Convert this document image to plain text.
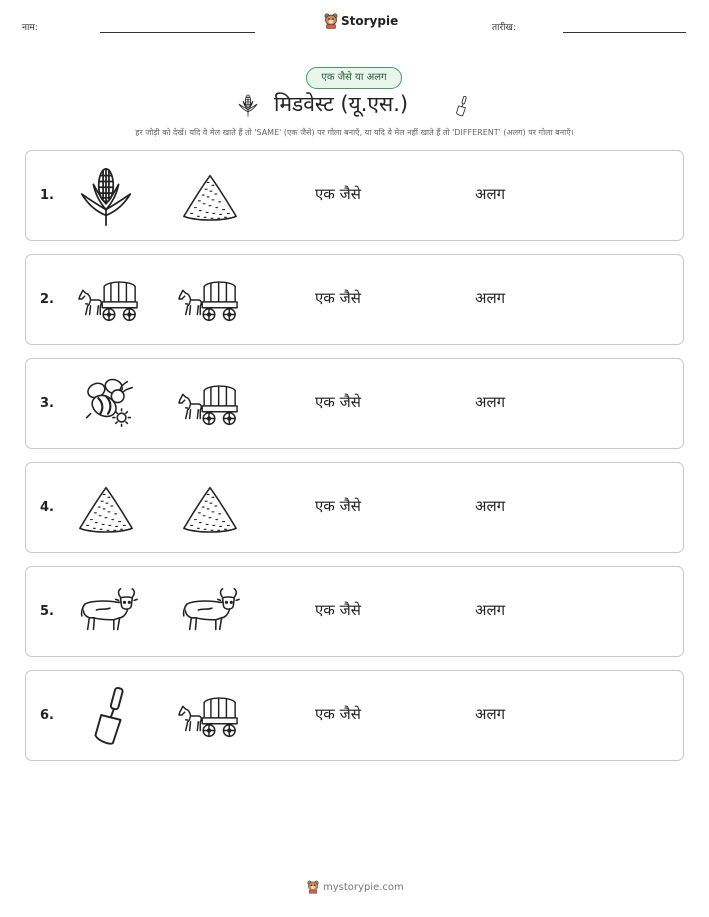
नाम:	Storypie	तारीख:
एक जैसे या अलग
मिडवेस्ट (यू.एस.)
हर जोड़ी को देखें। यदि वे मेल खाते हैं तो 'SAME' (एक जैसे) पर गोला बनाएँ, या यदि वे मेल नहीं खाते हैं तो 'DIFFERENT' (अलग) पर गोला बनाएँ।
1.	एक जैसे	अलग
2.	एक जैसे	अलग
3.	एक जैसे	अलग
4.	एक जैसे	अलग
5.	एक जैसे	अलग
6.	एक जैसे	अलग
mystorypie.com
